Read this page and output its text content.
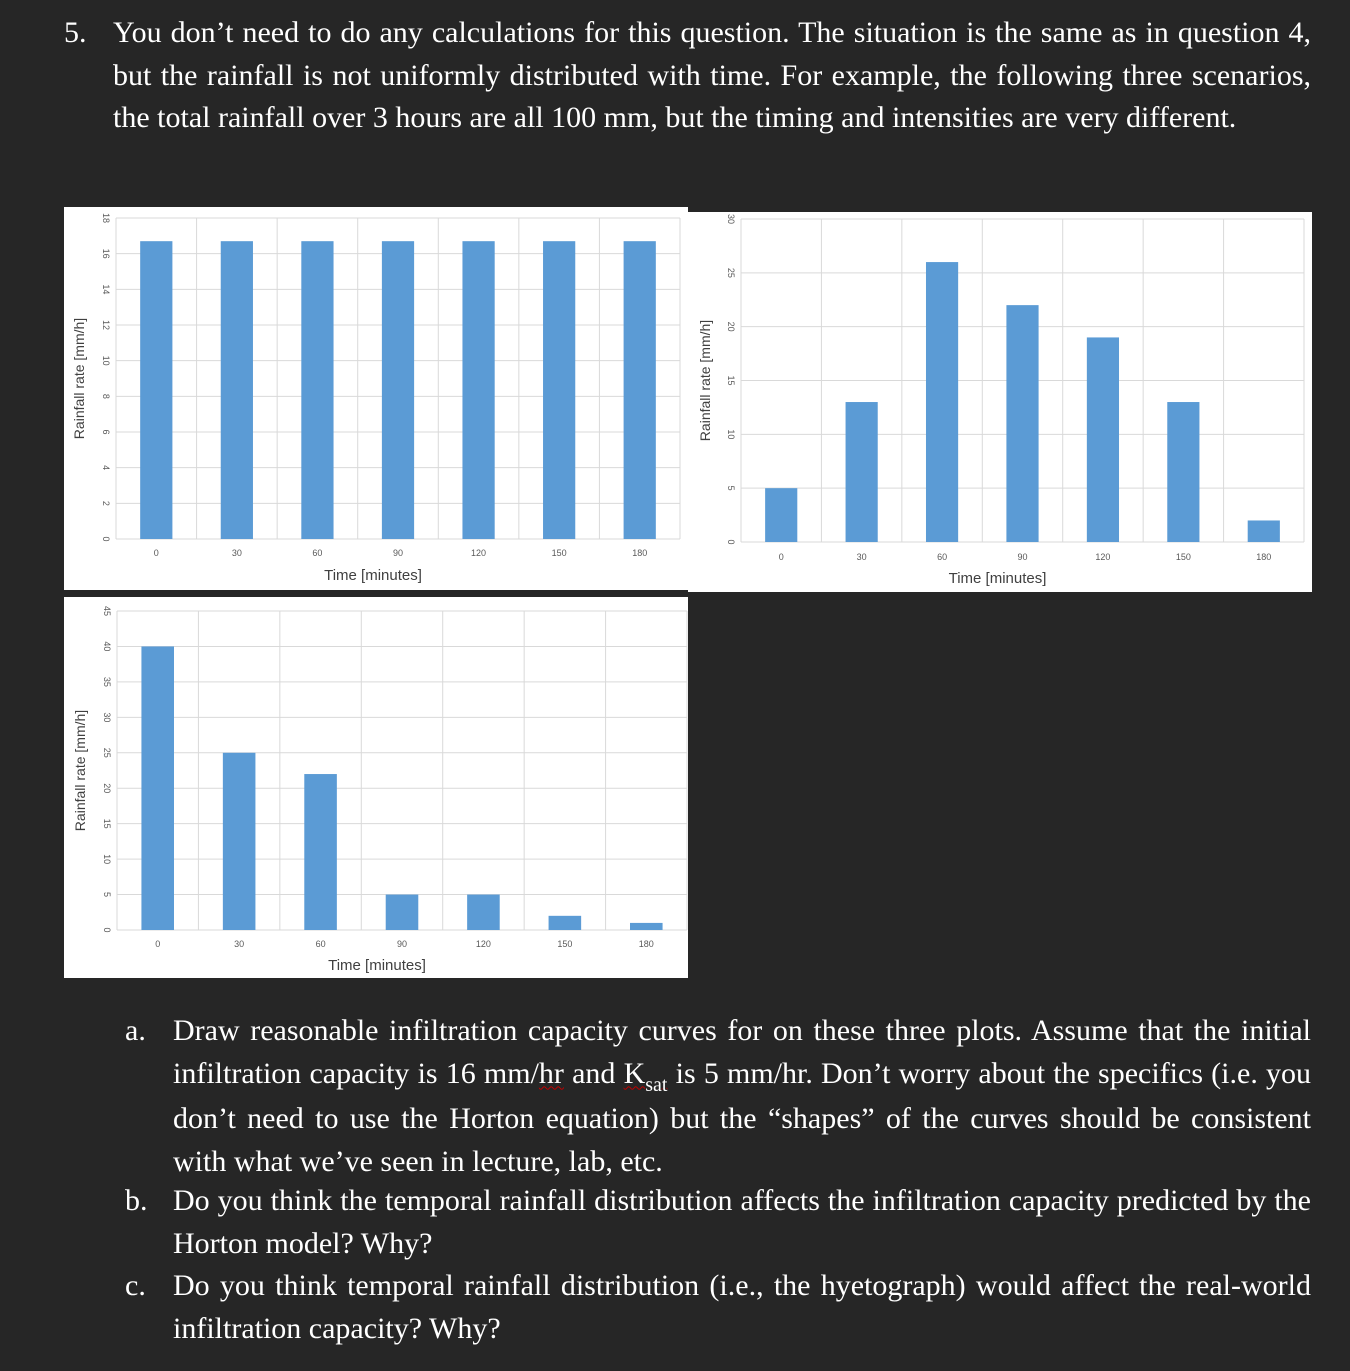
5. You don’t need to do any calculations for this question. The situation is the same as in question 4, but the rainfall is not uniformly distributed with time. For example, the following three scenarios, the total rainfall over 3 hours are all 100 mm, but the timing and intensities are very different.
0
2
4
6
8
10
12
14
16
18
0	30	60	90	120	150	180
Time [minutes]
Rainfall rate [mm/h]
0
5
10
15
20
25
30
0	30	60	90	120	150	180
Time [minutes]
Rainfall rate [mm/h]
0
5
10
15
20
25
30
35
40
45
0	30	60	90	120	150	180
Time [minutes]
Rainfall rate [mm/h]
a. Draw reasonable infiltration capacity curves for on these three plots. Assume that the initial infiltration capacity is 16 mm/hr and $K_{sat}$ is 5 mm/hr. Don’t worry about the specifics (i.e. you don’t need to use the Horton equation) but the “shapes” of the curves should be consistent with what we’ve seen in lecture, lab, etc.
b. Do you think the temporal rainfall distribution affects the infiltration capacity predicted by the Horton model? Why?
c. Do you think temporal rainfall distribution (i.e., the hyetograph) would affect the real-world infiltration capacity? Why?
